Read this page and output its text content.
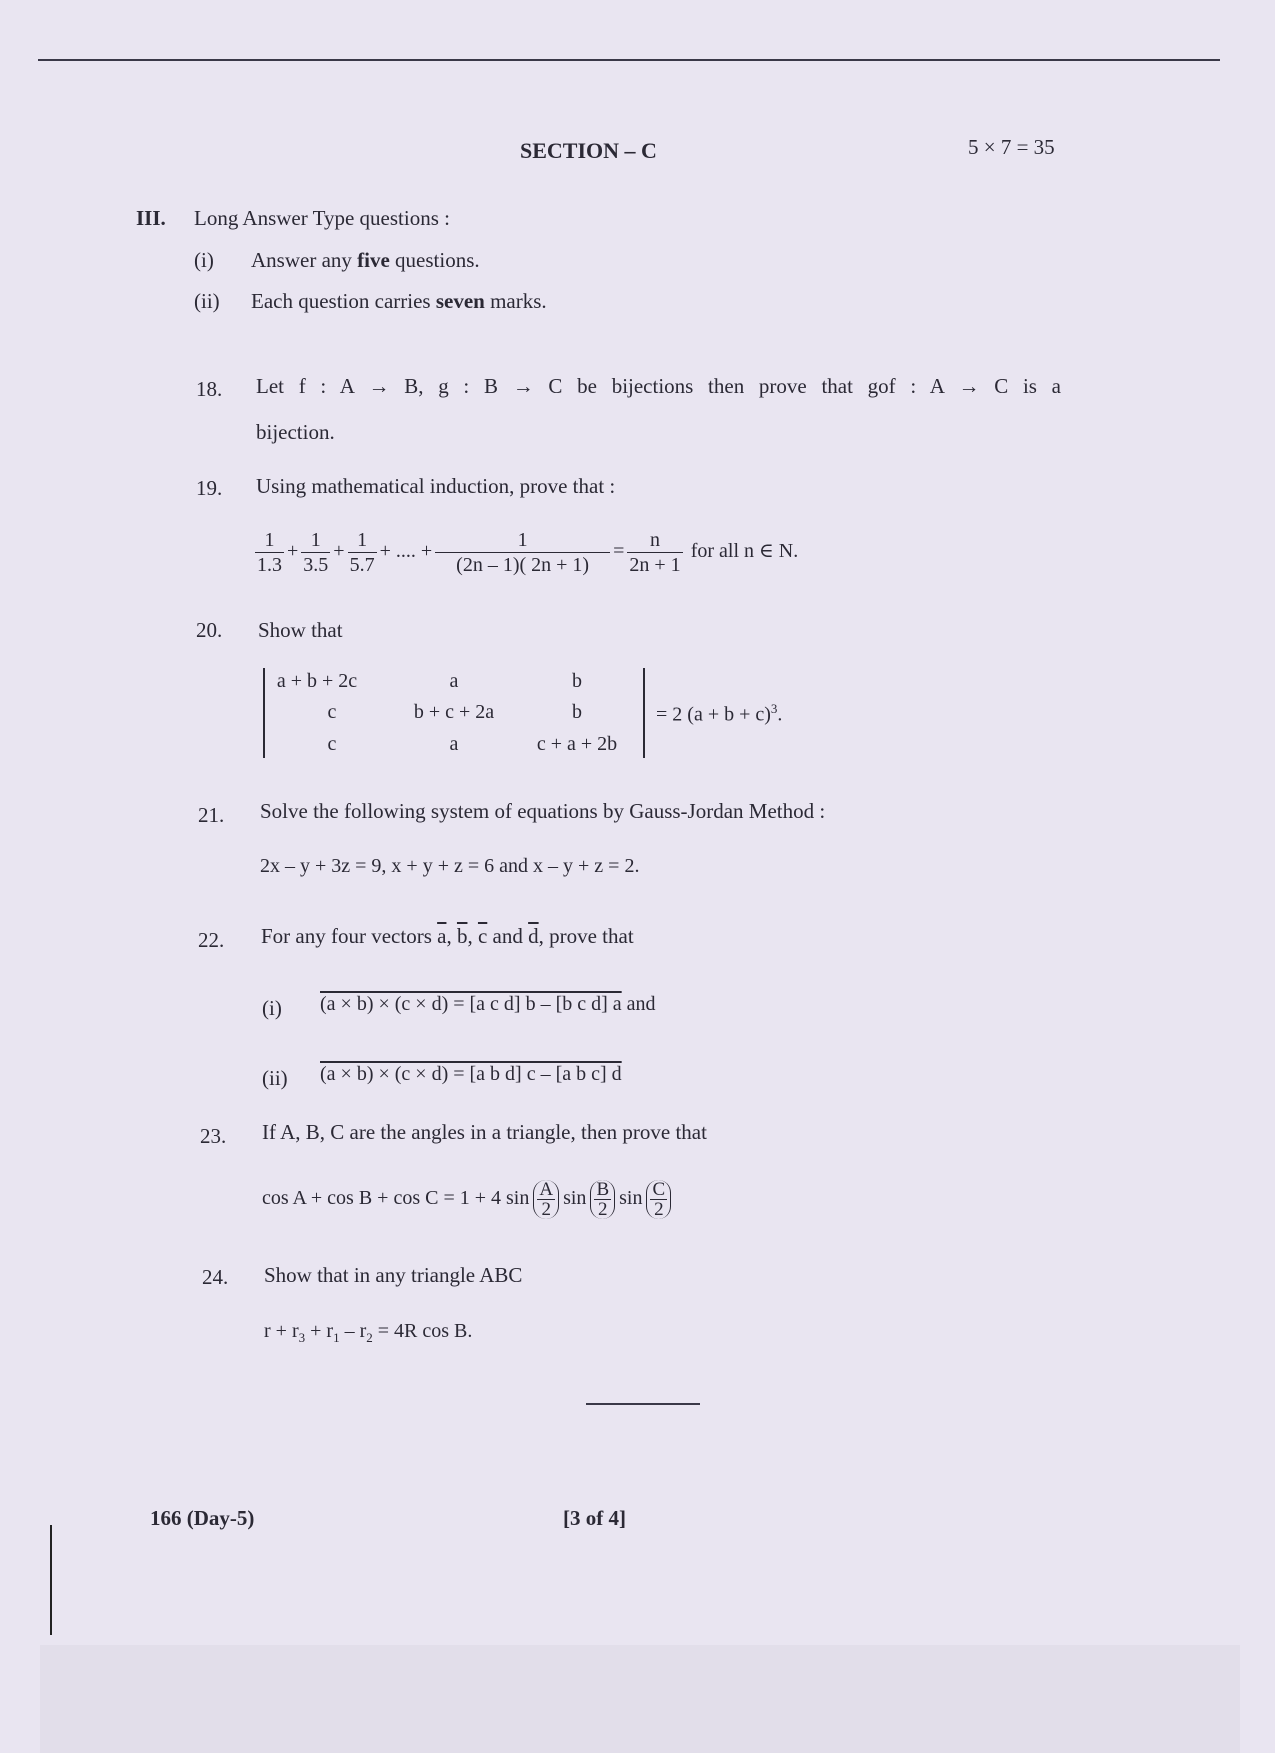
SECTION – C	5 × 7 = 35
III. Long Answer Type questions :
(i) Answer any five questions.
(ii) Each question carries seven marks.
18. Let f : A → B, g : B → C be bijections then prove that gof : A → C is a
bijection.
19. Using mathematical induction, prove that :
$\frac{1}{1.3} + \frac{1}{3.5} + \frac{1}{5.7}$ + .... + $\frac{1}{(2n - 1)( 2n + 1)} = \frac{n}{2n + 1}$ for all n ∈ N.
20. Show that
a + b + 2c	a	b
c	b + c + 2a	b
c	a	c + a + 2b
= 2 $(a + b + c)^3$.
21. Solve the following system of equations by Gauss-Jordan Method :
2x – y + 3z = 9, x + y + z = 6 and x – y + z = 2.
22. For any four vectors $\overline{a}$, $\overline{b}$, $\overline{c}$ and $\overline{d}$, prove that
(i) (a × b) × (c × d) = [a c d] b – [b c d] a and
(ii) (a × b) × (c × d) = [a b d] c – [a b c] d
23. If A, B, C are the angles in a triangle, then prove that
cos A + cos B + cos C = 1 + 4 $\sin \frac{A}{2}$ $\sin \frac{B}{2}$ $\sin \frac{C}{2}$
24. Show that in any triangle ABC
$r + r_3 + r_1 - r_2 = 4R$ cos B.
166 (Day-5)	[3 of 4]
